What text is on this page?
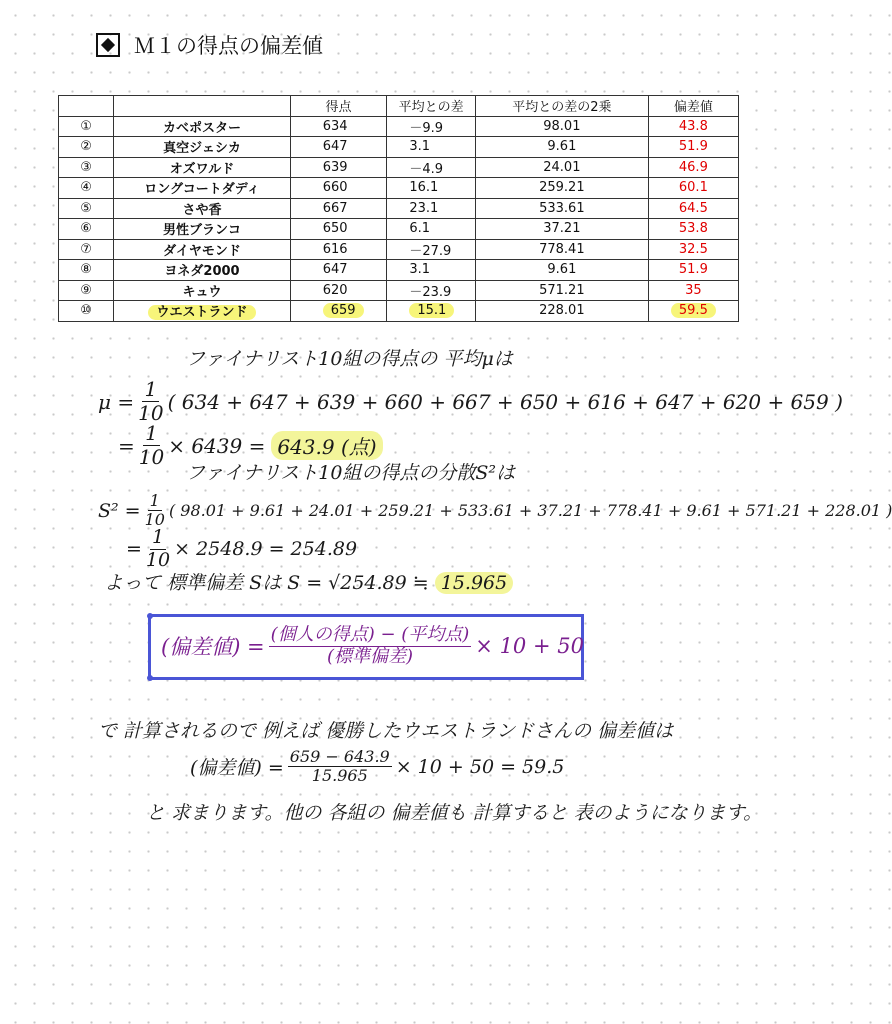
Ｍ１の得点の偏差値
		得点	平均との差	平均との差の2乗	偏差値
①	カベポスター	634	－9.9	98.01	43.8
②	真空ジェシカ	647	3.1	9.61	51.9
③	オズワルド	639	－4.9	24.01	46.9
④	ロングコートダディ	660	16.1	259.21	60.1
⑤	さや香	667	23.1	533.61	64.5
⑥	男性ブランコ	650	6.1	37.21	53.8
⑦	ダイヤモンド	616	－27.9	778.41	32.5
⑧	ヨネダ2000	647	3.1	9.61	51.9
⑨	キュウ	620	－23.9	571.21	35
⑩	ウエストランド	659	15.1	228.01	59.5
ファイナリスト10組の得点の 平均μは
$\mu = \frac{1}{10}$ ( 634 + 647 + 639 + 660 + 667 + 650 + 616 + 647 + 620 + 659 )
= $\frac{1}{10} \times 6439 = 643.9$ (点)
ファイナリスト10組の得点の分散S²は
$S^2 = \frac{1}{10}$ ( 98.01 + 9.61 + 24.01 + 259.21 + 533.61 + 37.21 + 778.41 + 9.61 + 571.21 + 228.01 )
= $\frac{1}{10} \times 2548.9 = 254.89$
よって 標準偏差 Sは S = √254.89 ≒ 15.965
(偏差値) = $\frac{\text{(個人の得点) − (平均点)}}{\text{(標準偏差)}} \times 10 + 50$
で 計算されるので 例えば 優勝したウエストランドさんの 偏差値は
(偏差値) = $\frac{659 - 643.9}{15.965} \times 10 + 50 = 59.5$
と 求まります。他の 各組の 偏差値も 計算すると 表のようになります。
